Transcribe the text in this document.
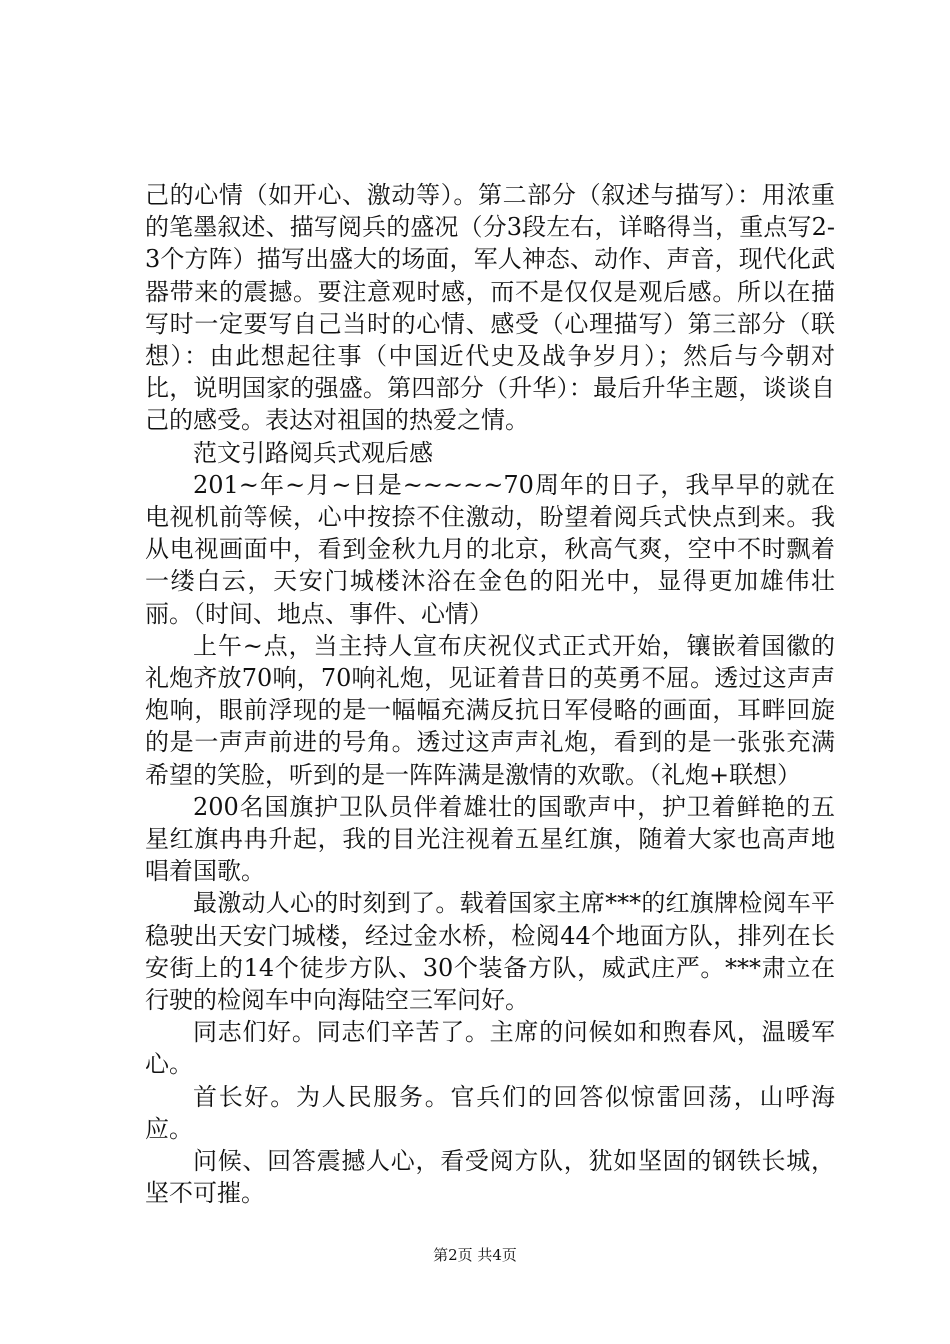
己的心情（如开心、激动等）。第二部分（叙述与描写）：用浓重的笔墨叙述、描写阅兵的盛况（分3段左右，详略得当，重点写2-3个方阵）描写出盛大的场面，军人神态、动作、声音，现代化武器带来的震撼。要注意观时感，而不是仅仅是观后感。所以在描写时一定要写自己当时的心情、感受（心理描写）第三部分（联想）：由此想起往事（中国近代史及战争岁月）；然后与今朝对比，说明国家的强盛。第四部分（升华）：最后升华主题，谈谈自己的感受。表达对祖国的热爱之情。

范文引路阅兵式观后感

201~年~月~日是~~~~~70周年的日子，我早早的就在电视机前等候，心中按捺不住激动，盼望着阅兵式快点到来。我从电视画面中，看到金秋九月的北京，秋高气爽，空中不时飘着一缕白云，天安门城楼沐浴在金色的阳光中，显得更加雄伟壮丽。（时间、地点、事件、心情）

上午~点，当主持人宣布庆祝仪式正式开始，镶嵌着国徽的礼炮齐放70响，70响礼炮，见证着昔日的英勇不屈。透过这声声炮响，眼前浮现的是一幅幅充满反抗日军侵略的画面，耳畔回旋的是一声声前进的号角。透过这声声礼炮，看到的是一张张充满希望的笑脸，听到的是一阵阵满是激情的欢歌。（礼炮+联想）

200名国旗护卫队员伴着雄壮的国歌声中，护卫着鲜艳的五星红旗冉冉升起，我的目光注视着五星红旗，随着大家也高声地唱着国歌。

最激动人心的时刻到了。载着国家主席***的红旗牌检阅车平稳驶出天安门城楼，经过金水桥，检阅44个地面方队，排列在长安街上的14个徒步方队、30个装备方队，威武庄严。***肃立在行驶的检阅车中向海陆空三军问好。

同志们好。同志们辛苦了。主席的问候如和煦春风，温暖军心。

首长好。为人民服务。官兵们的回答似惊雷回荡，山呼海应。

问候、回答震撼人心，看受阅方队，犹如坚固的钢铁长城，坚不可摧。

第2页 共4页
